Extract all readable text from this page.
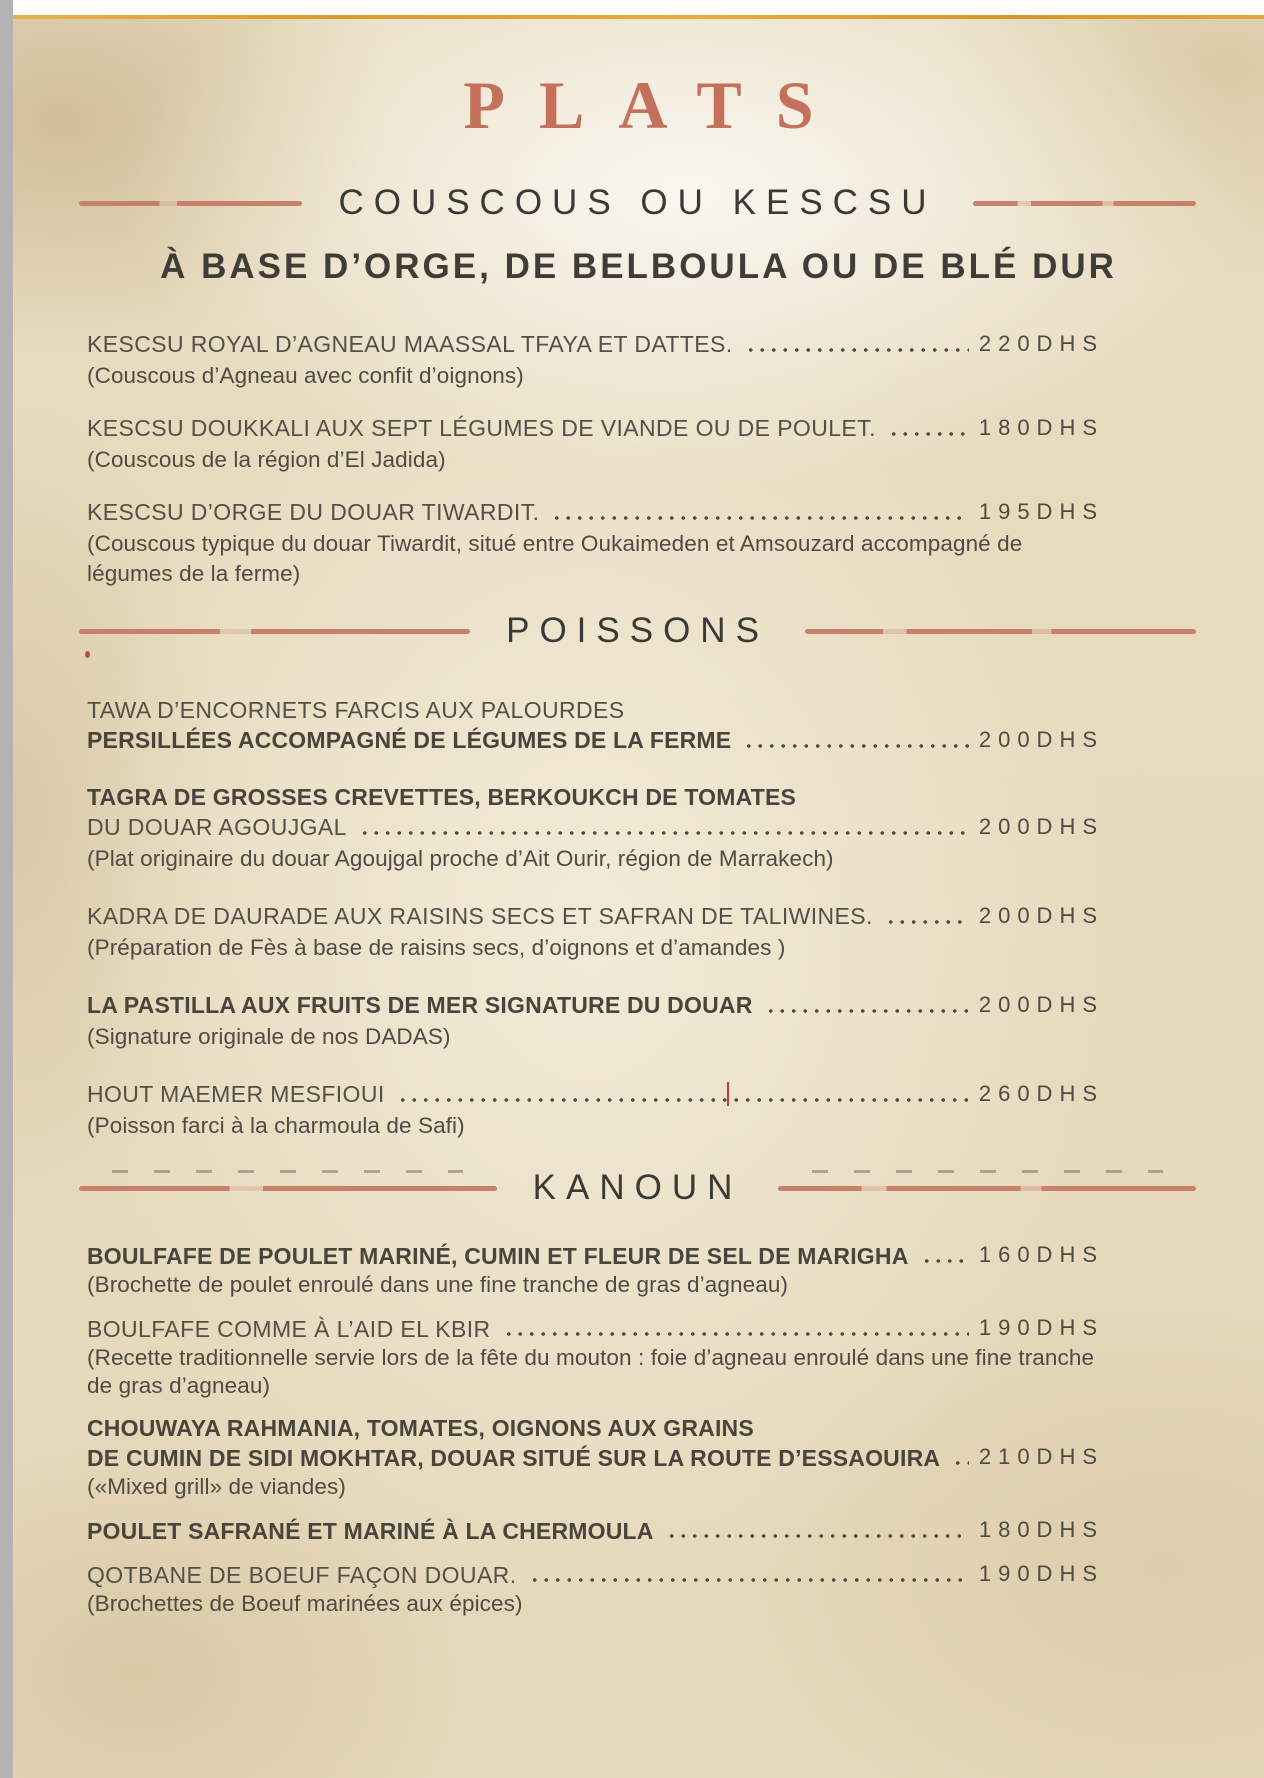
PLATS
COUSCOUS OU KESCSU
À BASE D’ORGE, DE BELBOULA OU DE BLÉ DUR
KESCSU ROYAL D’AGNEAU MAASSAL TFAYA ET DATTES.	220DHS
(Couscous d’Agneau avec confit d’oignons)
KESCSU DOUKKALI AUX SEPT LÉGUMES DE VIANDE OU DE POULET.	180DHS
(Couscous de la région d’El Jadida)
KESCSU D’ORGE DU DOUAR TIWARDIT.	195DHS
(Couscous typique du douar Tiwardit, situé entre Oukaimeden et Amsouzard accompagné de légumes de la ferme)
POISSONS
TAWA D’ENCORNETS FARCIS AUX PALOURDES
PERSILLÉES ACCOMPAGNÉ DE LÉGUMES DE LA FERME	200DHS
TAGRA DE GROSSES CREVETTES, BERKOUKCH DE TOMATES
DU DOUAR AGOUJGAL	200DHS
(Plat originaire du douar Agoujgal proche d’Ait Ourir, région de Marrakech)
KADRA DE DAURADE AUX RAISINS SECS ET SAFRAN DE TALIWINES.	200DHS
(Préparation de Fès à base de raisins secs, d’oignons et d’amandes )
LA PASTILLA AUX FRUITS DE MER SIGNATURE DU DOUAR	200DHS
(Signature originale de nos DADAS)
HOUT MAEMER MESFIOUI	260DHS
(Poisson farci à la charmoula de Safi)
KANOUN
BOULFAFE DE POULET MARINÉ, CUMIN ET FLEUR DE SEL DE MARIGHA	160DHS
(Brochette de poulet enroulé dans une fine tranche de gras d’agneau)
BOULFAFE COMME À L’AID EL KBIR	190DHS
(Recette traditionnelle servie lors de la fête du mouton : foie d’agneau enroulé dans une fine tranche de gras d’agneau)
CHOUWAYA RAHMANIA, TOMATES, OIGNONS AUX GRAINS
DE CUMIN DE SIDI MOKHTAR, DOUAR SITUÉ SUR LA ROUTE D’ESSAOUIRA 210DHS
(«Mixed grill» de viandes)
POULET SAFRANÉ ET MARINÉ À LA CHERMOULA	180DHS
QOTBANE DE BOEUF FAÇON DOUAR.	190DHS
(Brochettes de Boeuf marinées aux épices)
